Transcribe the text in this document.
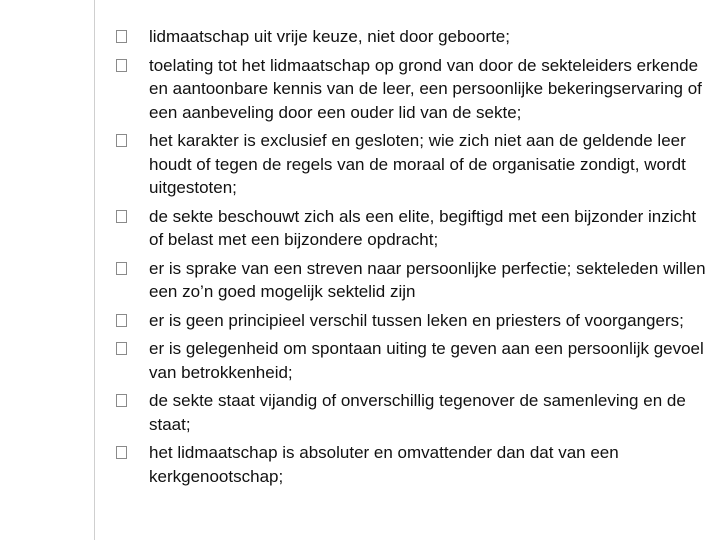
lidmaatschap uit vrije keuze, niet door geboorte;
toelating tot het lidmaatschap op grond van door de sekteleiders erkende en aantoonbare kennis van de leer, een persoonlijke bekeringservaring of een aanbeveling door een ouder lid van de sekte;
het karakter is exclusief en gesloten; wie zich niet aan de geldende leer houdt of tegen de regels van de moraal of de organisatie zondigt, wordt uitgestoten;
de sekte beschouwt zich als een elite, begiftigd met een bijzonder inzicht of belast met een bijzondere opdracht;
er is sprake van een streven naar persoonlijke perfectie; sekteleden willen een zo’n goed mogelijk sektelid zijn
er is geen principieel verschil tussen leken en priesters of voorgangers;
er is gelegenheid om spontaan uiting te geven aan een persoonlijk gevoel van betrokkenheid;
de sekte staat vijandig of onverschillig tegenover de samenleving en de staat;
het lidmaatschap is absoluter en omvattender dan dat van een kerkgenootschap;
